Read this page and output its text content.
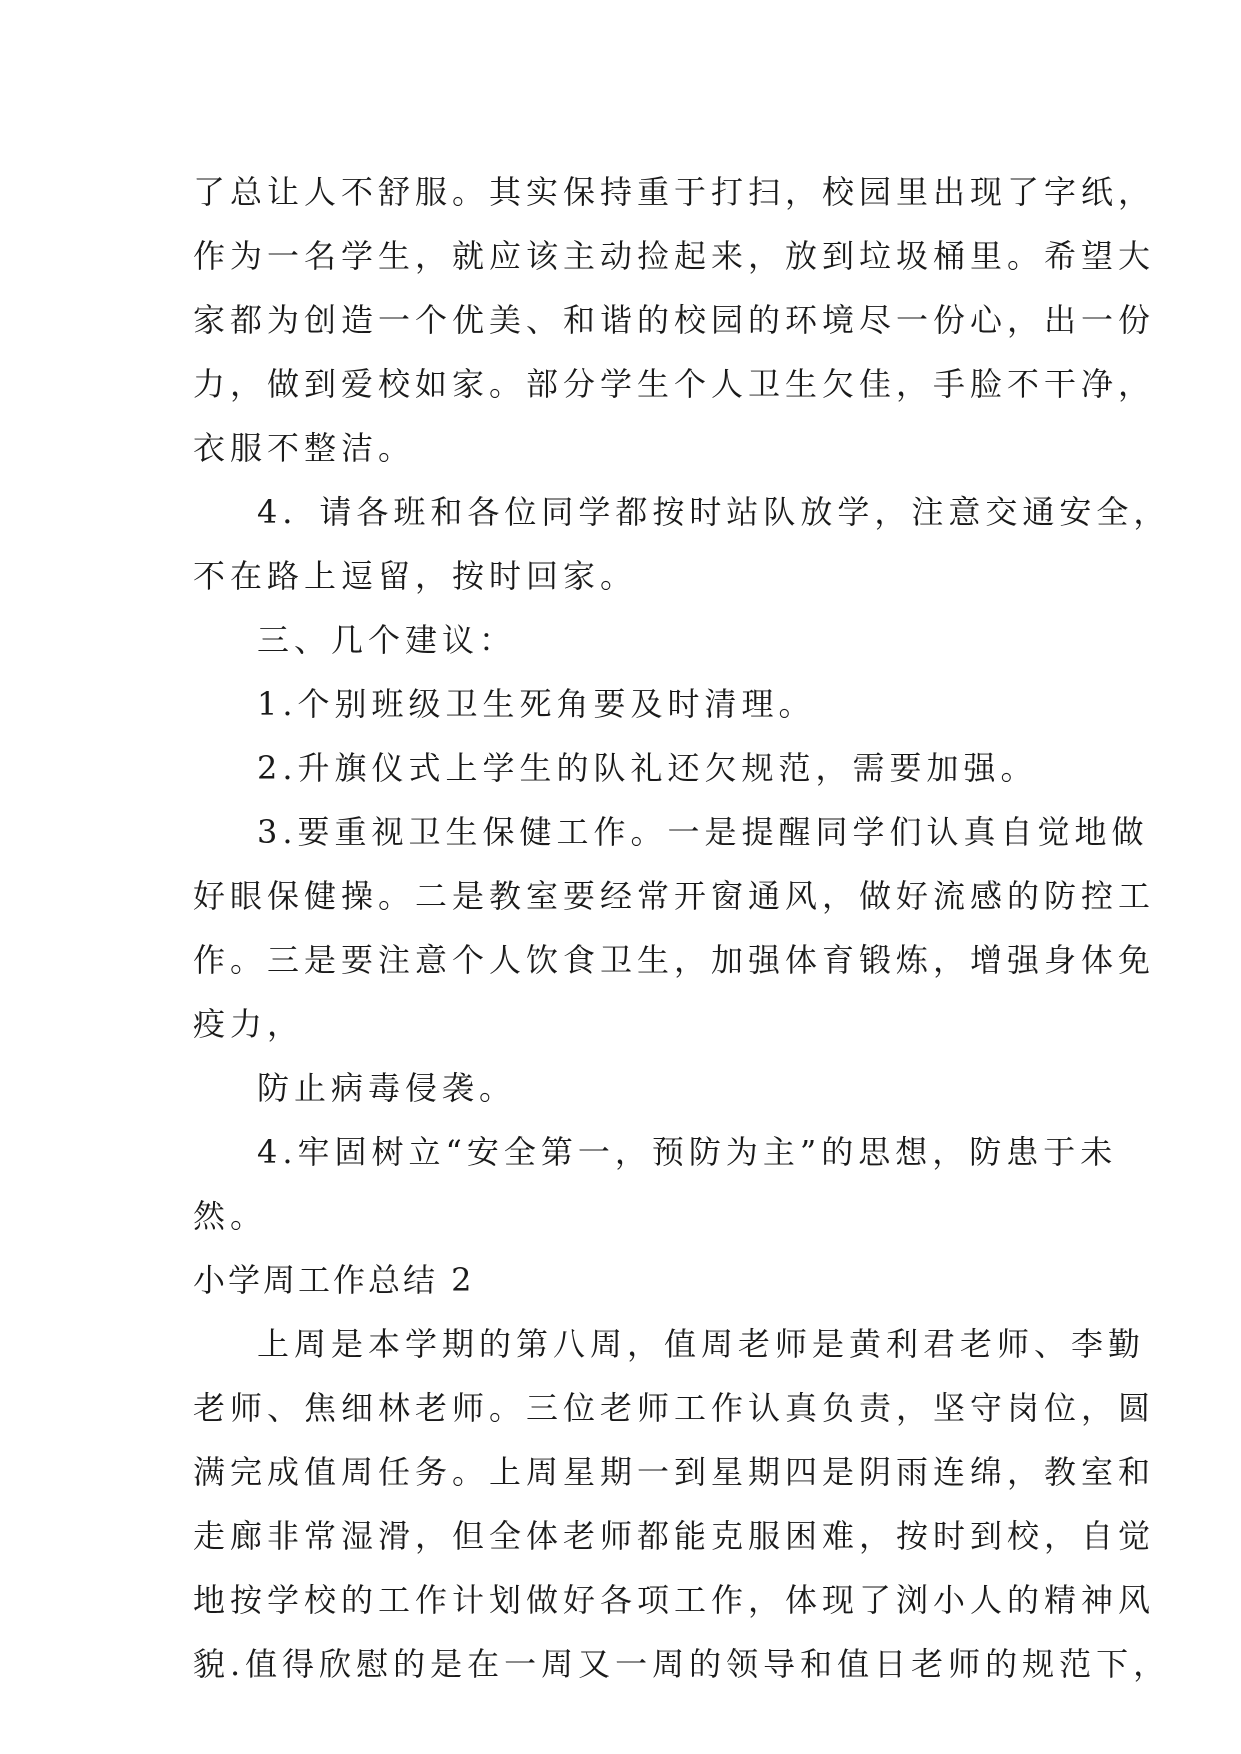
了总让人不舒服。其实保持重于打扫，校园里出现了字纸，
作为一名学生，就应该主动捡起来，放到垃圾桶里。希望大
家都为创造一个优美、和谐的校园的环境尽一份心，出一份
力，做到爱校如家。部分学生个人卫生欠佳，手脸不干净，
衣服不整洁。
4．请各班和各位同学都按时站队放学，注意交通安全，
不在路上逗留，按时回家。
三、几个建议：
1.个别班级卫生死角要及时清理。
2.升旗仪式上学生的队礼还欠规范，需要加强。
3.要重视卫生保健工作。一是提醒同学们认真自觉地做
好眼保健操。二是教室要经常开窗通风，做好流感的防控工
作。三是要注意个人饮食卫生，加强体育锻炼，增强身体免
疫力，
防止病毒侵袭。
4.牢固树立“安全第一，预防为主”的思想，防患于未
然。
小学周工作总结 2
上周是本学期的第八周，值周老师是黄利君老师、李勤
老师、焦细林老师。三位老师工作认真负责，坚守岗位，圆
满完成值周任务。上周星期一到星期四是阴雨连绵，教室和
走廊非常湿滑，但全体老师都能克服困难，按时到校，自觉
地按学校的工作计划做好各项工作，体现了浏小人的精神风
貌.值得欣慰的是在一周又一周的领导和值日老师的规范下，
